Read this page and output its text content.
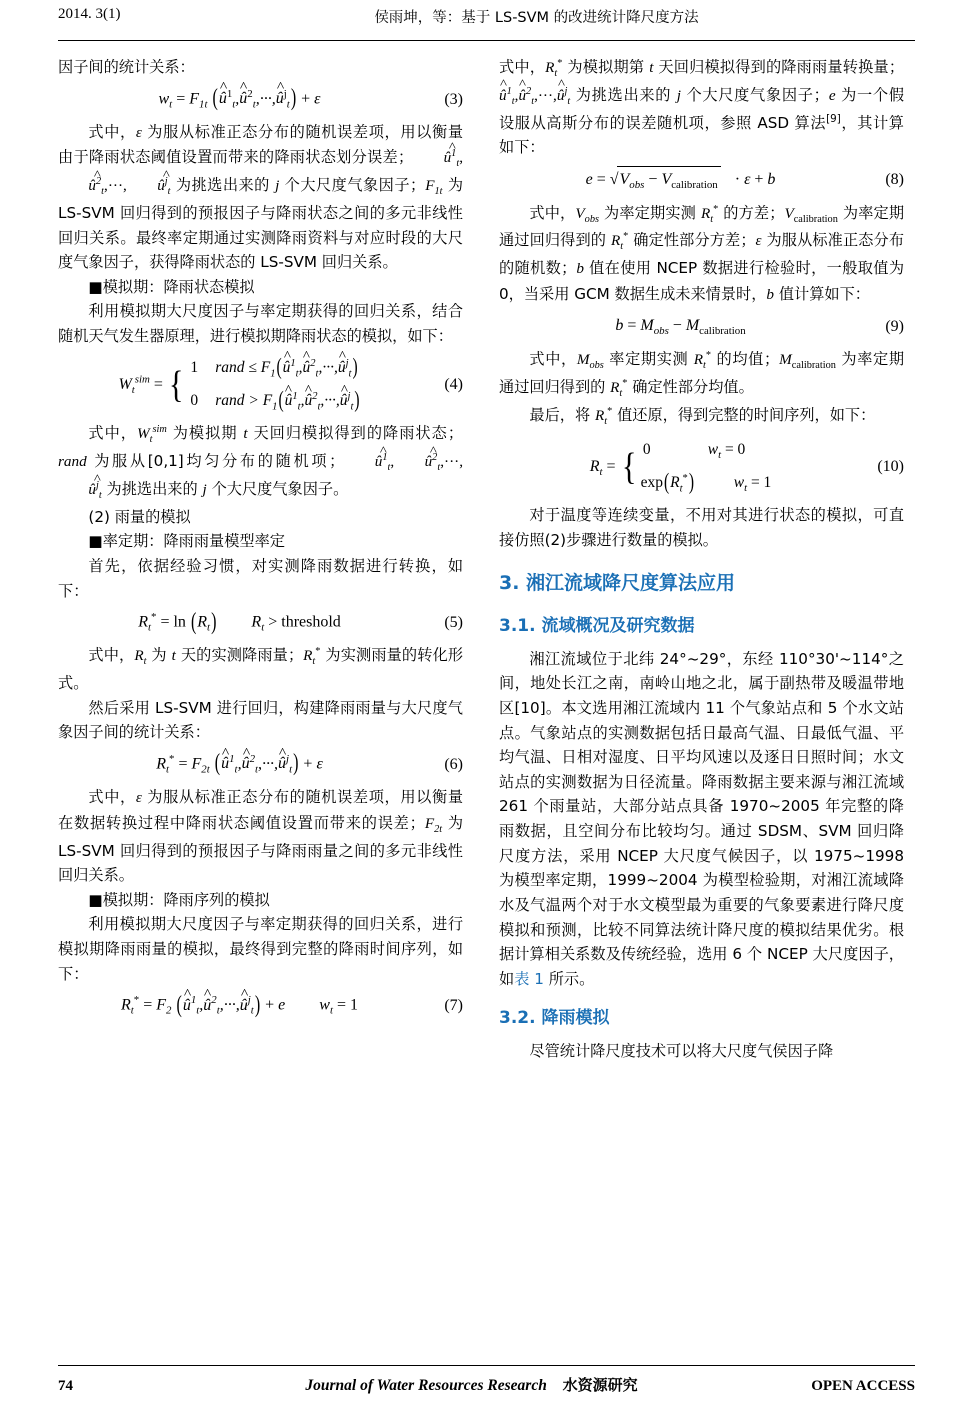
2014. 3(1)	侯雨坤，等：基于 LS-SVM 的改进统计降尺度方法

因子间的统计关系：

$w_t = F_{1t}$ (^ $û^1_t,\^{}$ $û^2_t,\cdot\cdot\cdot,\^{}$ $û^j_t) + \varepsilon$	(3)

式中，ε 为服从标准正态分布的随机误差项，用以衡量由于降雨状态阈值设置而带来的降雨状态划分误差； ^ $û^1_t,\^{}$ $û^2_t,\cdot\cdot\cdot$, ^ $û^j_t$ 为挑选出来的 j 个大尺度气象因子；$F_{1t}$ 为 LS-SVM 回归得到的预报因子与降雨状态之间的多元非线性回归关系。最终率定期通过实测降雨资料与对应时段的大尺度气象因子，获得降雨状态的 LS-SVM 回归关系。

■模拟期：降雨状态模拟

利用模拟期大尺度因子与率定期获得的回归关系，结合随机天气发生器原理，进行模拟期降雨状态的模拟，如下：

$W_t^{sim}$ = { 1 rand ≤ $F_1(\^{}$ $û^1_t,\^{}$ $û^2_t,\cdot\cdot\cdot,\^{}$ $û^j_t$)
0 rand > $F_1(\^{}$ $û^1_t,\^{}$ $û^2_t,\cdot\cdot\cdot,\^{}$ $û^j_t$)
(4)

式中，$W_t^{sim}$ 为模拟期 t 天回归模拟得到的降雨状态；rand 为服从[0,1]均匀分布的随机项； ^ $û^1_t$, ^ $û^2_t,\cdot\cdot\cdot,\^{}$ $û^j_t$ 为挑选出来的 j 个大尺度气象因子。

(2) 雨量的模拟

■率定期：降雨雨量模型率定

首先，依据经验习惯，对实测降雨数据进行转换，如下：

$R_t^* = \ln (R_t) R_t$ > threshold	(5)

式中，$R_t$ 为 t 天的实测降雨量；$R_t^*$ 为实测雨量的转化形式。

然后采用 LS-SVM 进行回归，构建降雨雨量与大尺度气象因子间的统计关系：

$R_t^* = F_{2t}$ (^ $û^1_t,\^{}$ $û^2_t,\cdot\cdot\cdot,\^{}$ $û^j_t) + \varepsilon$	(6)

式中，ε 为服从标准正态分布的随机误差项，用以衡量在数据转换过程中降雨状态阈值设置而带来的误差；$F_{2t}$ 为 LS-SVM 回归得到的预报因子与降雨雨量之间的多元非线性回归关系。

■模拟期：降雨序列的模拟

利用模拟期大尺度因子与率定期获得的回归关系，进行模拟期降雨雨量的模拟，最终得到完整的降雨时间序列，如下：

$R_t^* = F_2$ (^ $û^1_t,\^{}$ $û^2_t,\cdot\cdot\cdot,\^{}$ $û^j_t) + e$ $w_t = 1$	(7)

式中，$R_t^*$ 为模拟期第 t 天回归模拟得到的降雨雨量转换量；^ $û^1_t,\^{}$ $û^2_t,\cdot\cdot\cdot,\^{}$ $û^j_t$ 为挑选出来的 j 个大尺度气象因子；e 为一个假设服从高斯分布的误差随机项，参照 ASD 算法[9]，其计算如下：

$e = √V_{obs} - V_{calibration} \cdot \varepsilon + b$	(8)

式中，$V_{obs}$ 为率定期实测 $R_t^*$ 的方差；$V_{calibration}$ 为率定期通过回归得到的 $R_t^*$ 确定性部分方差；ε 为服从标准正态分布的随机数；b 值在使用 NCEP 数据进行检验时，一般取值为 0，当采用 GCM 数据生成未来情景时，b 值计算如下：

$b = M_{obs} - M_{calibration}$	(9)

式中，$M_{obs}$ 率定期实测 $R_t^*$ 的均值；$M_{calibration}$ 为率定期通过回归得到的 $R_t^*$ 确定性部分均值。

最后，将 $R_t^*$ 值还原，得到完整的时间序列，如下：

$R_t$ = { 0	$w_t = 0$
$\exp(R_t^*)$	$w_t = 1$
(10)

对于温度等连续变量，不用对其进行状态的模拟，可直接仿照(2)步骤进行数量的模拟。

3. 湘江流域降尺度算法应用
3.1. 流域概况及研究数据

湘江流域位于北纬 24°~29°，东经 110°30'~114°之间，地处长江之南，南岭山地之北，属于副热带及暖温带地区[10]。本文选用湘江流域内 11 个气象站点和 5 个水文站点。气象站点的实测数据包括日最高气温、日最低气温、平均气温、日相对湿度、日平均风速以及逐日日照时间；水文站点的实测数据为日径流量。降雨数据主要来源与湘江流域 261 个雨量站，大部分站点具备 1970~2005 年完整的降雨数据，且空间分布比较均匀。通过 SDSM、SVM 回归降尺度方法，采用 NCEP 大尺度气候因子，以 1975~1998 为模型率定期，1999~2004 为模型检验期，对湘江流域降水及气温两个对于水文模型最为重要的气象要素进行降尺度模拟和预测，比较不同算法统计降尺度的模拟结果优劣。根据计算相关系数及传统经验，选用 6 个 NCEP 大尺度因子，如表 1 所示。

3.2. 降雨模拟

尽管统计降尺度技术可以将大尺度气侯因子降

74	Journal of Water Resources Research 水资源研究	OPEN ACCESS
